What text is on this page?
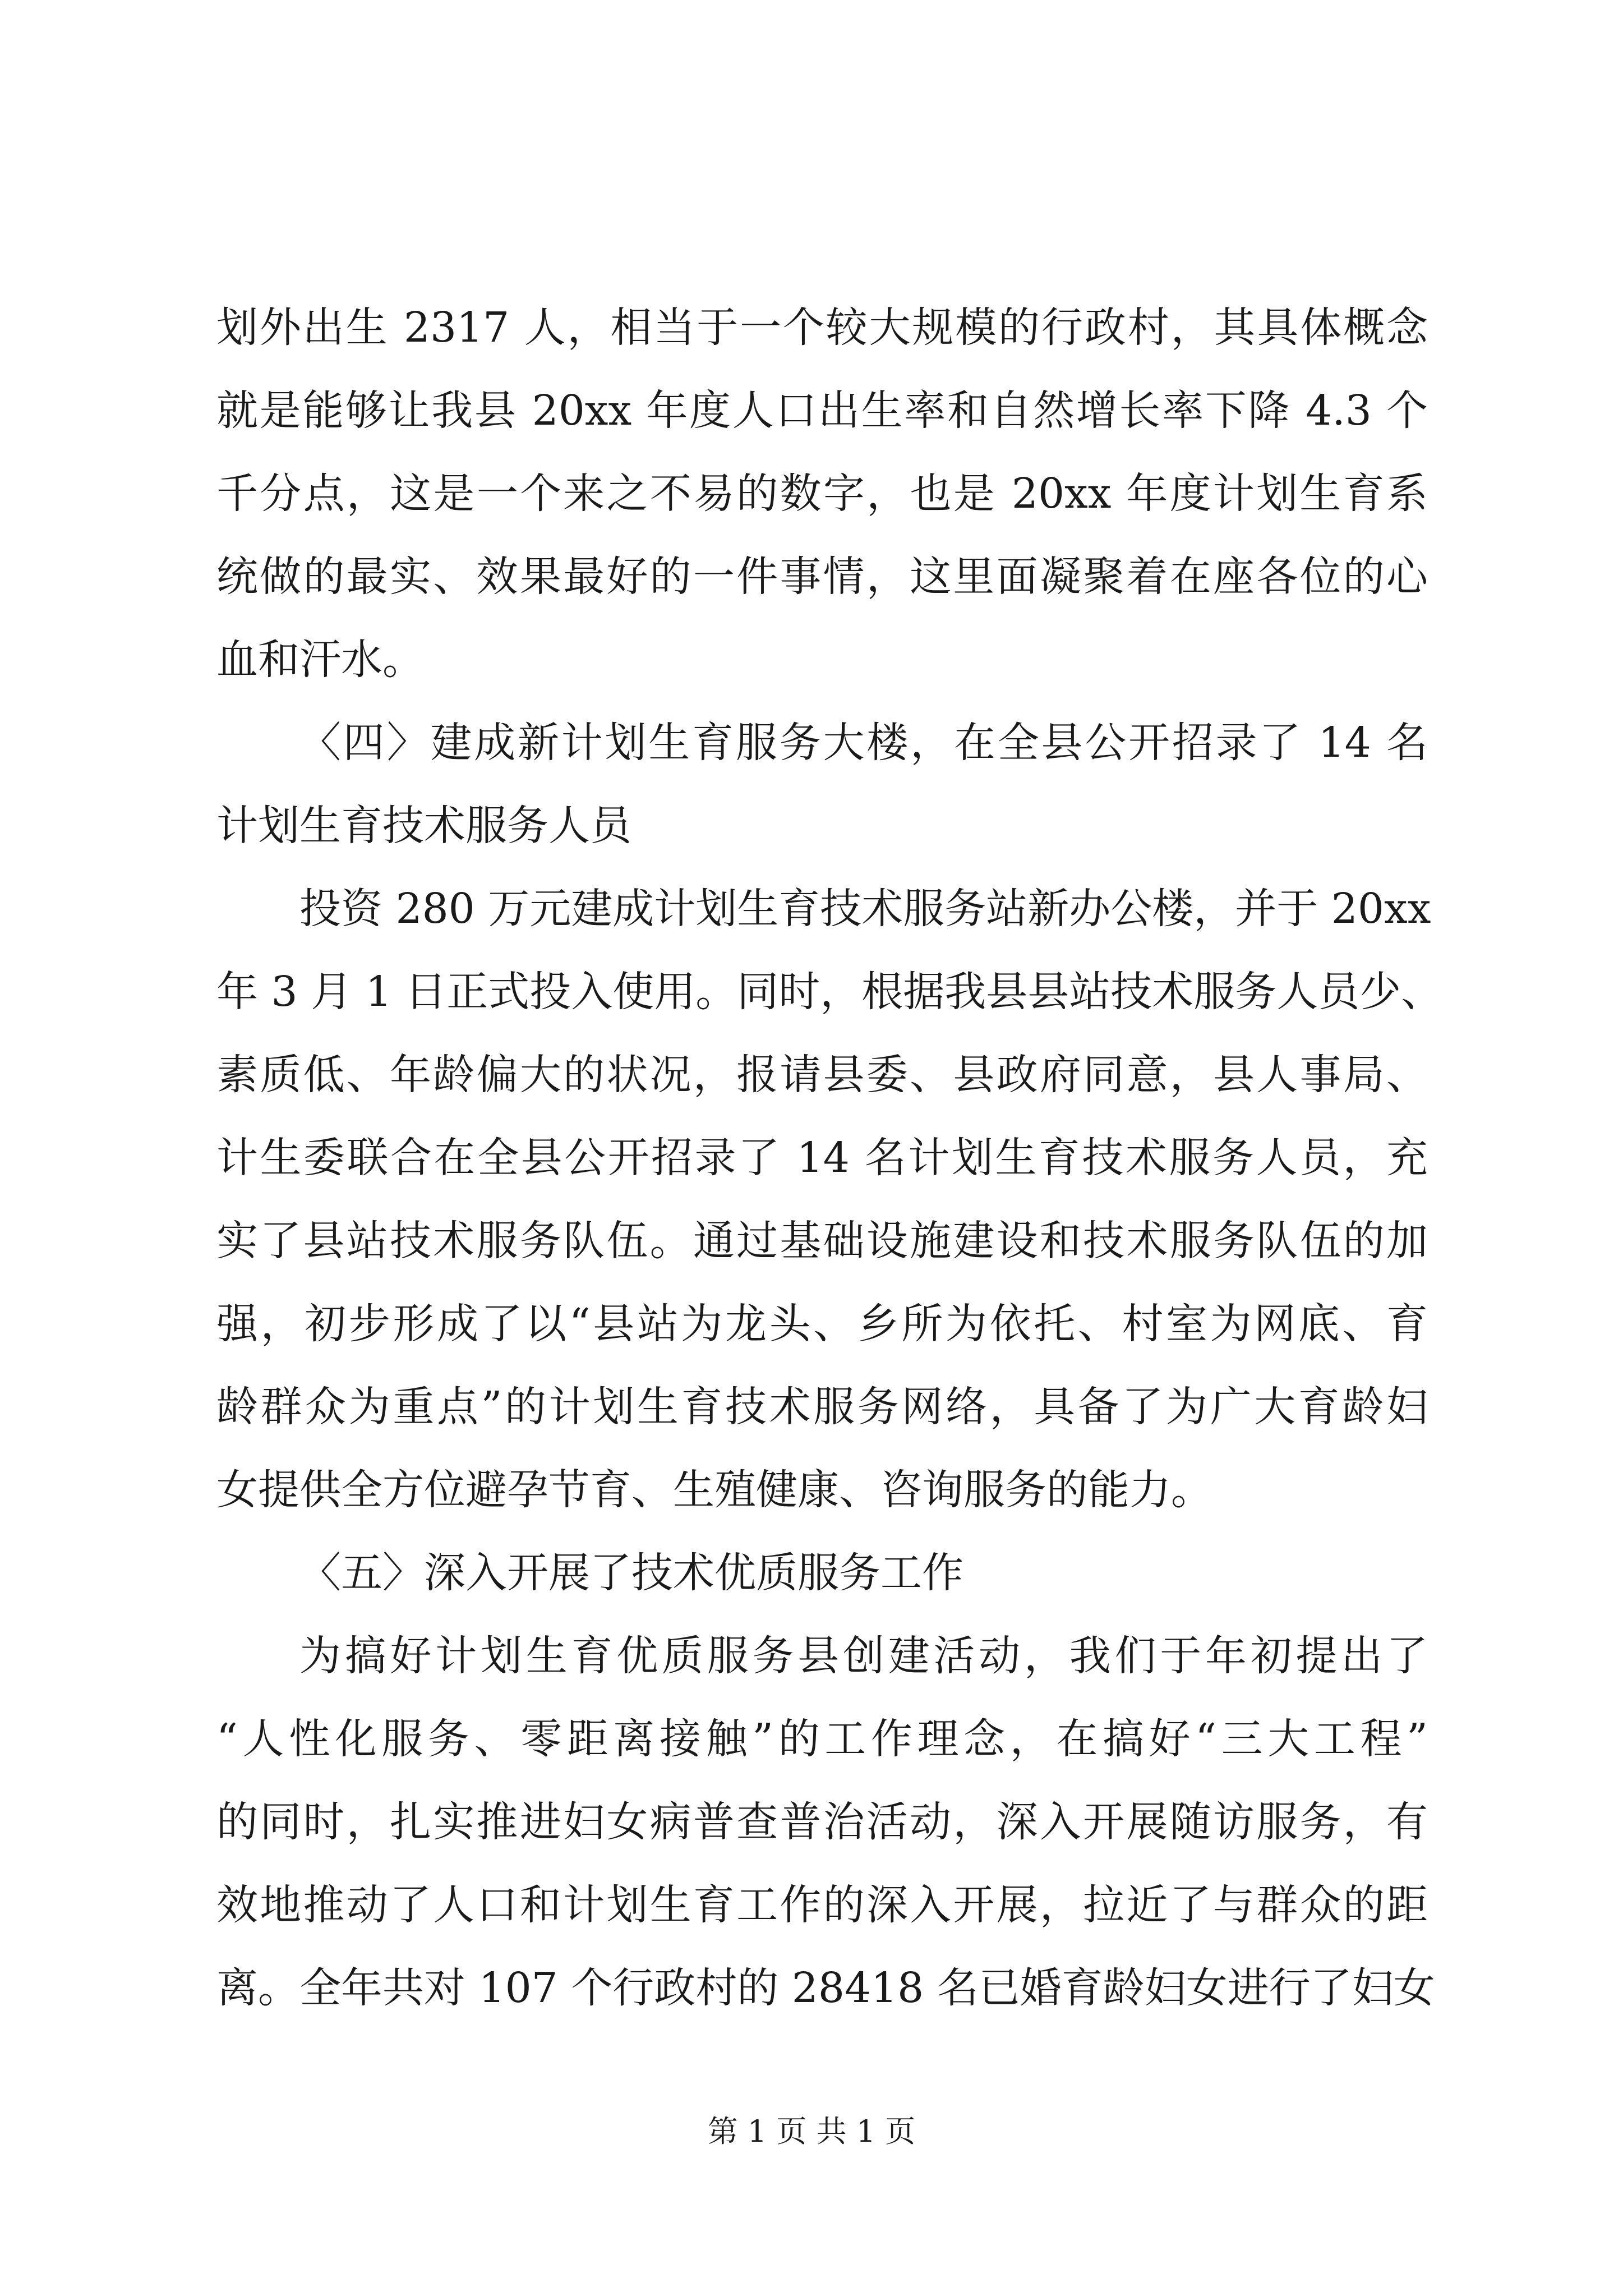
划外出生 2317 人，相当于一个较大规模的行政村，其具体概念
就是能够让我县 20xx 年度人口出生率和自然增长率下降 4.3 个
千分点，这是一个来之不易的数字，也是 20xx 年度计划生育系
统做的最实、效果最好的一件事情，这里面凝聚着在座各位的心
血和汗水。
〈四〉建成新计划生育服务大楼，在全县公开招录了 14 名
计划生育技术服务人员
投资 280 万元建成计划生育技术服务站新办公楼，并于 20xx
年 3 月 1 日正式投入使用。同时，根据我县县站技术服务人员少、
素质低、年龄偏大的状况，报请县委、县政府同意，县人事局、
计生委联合在全县公开招录了 14 名计划生育技术服务人员，充
实了县站技术服务队伍。通过基础设施建设和技术服务队伍的加
强，初步形成了以“县站为龙头、乡所为依托、村室为网底、育
龄群众为重点”的计划生育技术服务网络，具备了为广大育龄妇
女提供全方位避孕节育、生殖健康、咨询服务的能力。
〈五〉深入开展了技术优质服务工作
为搞好计划生育优质服务县创建活动，我们于年初提出了
“人性化服务、零距离接触”的工作理念，在搞好“三大工程”
的同时，扎实推进妇女病普查普治活动，深入开展随访服务，有
效地推动了人口和计划生育工作的深入开展，拉近了与群众的距
离。全年共对 107 个行政村的 28418 名已婚育龄妇女进行了妇女
第 1 页 共 1 页
